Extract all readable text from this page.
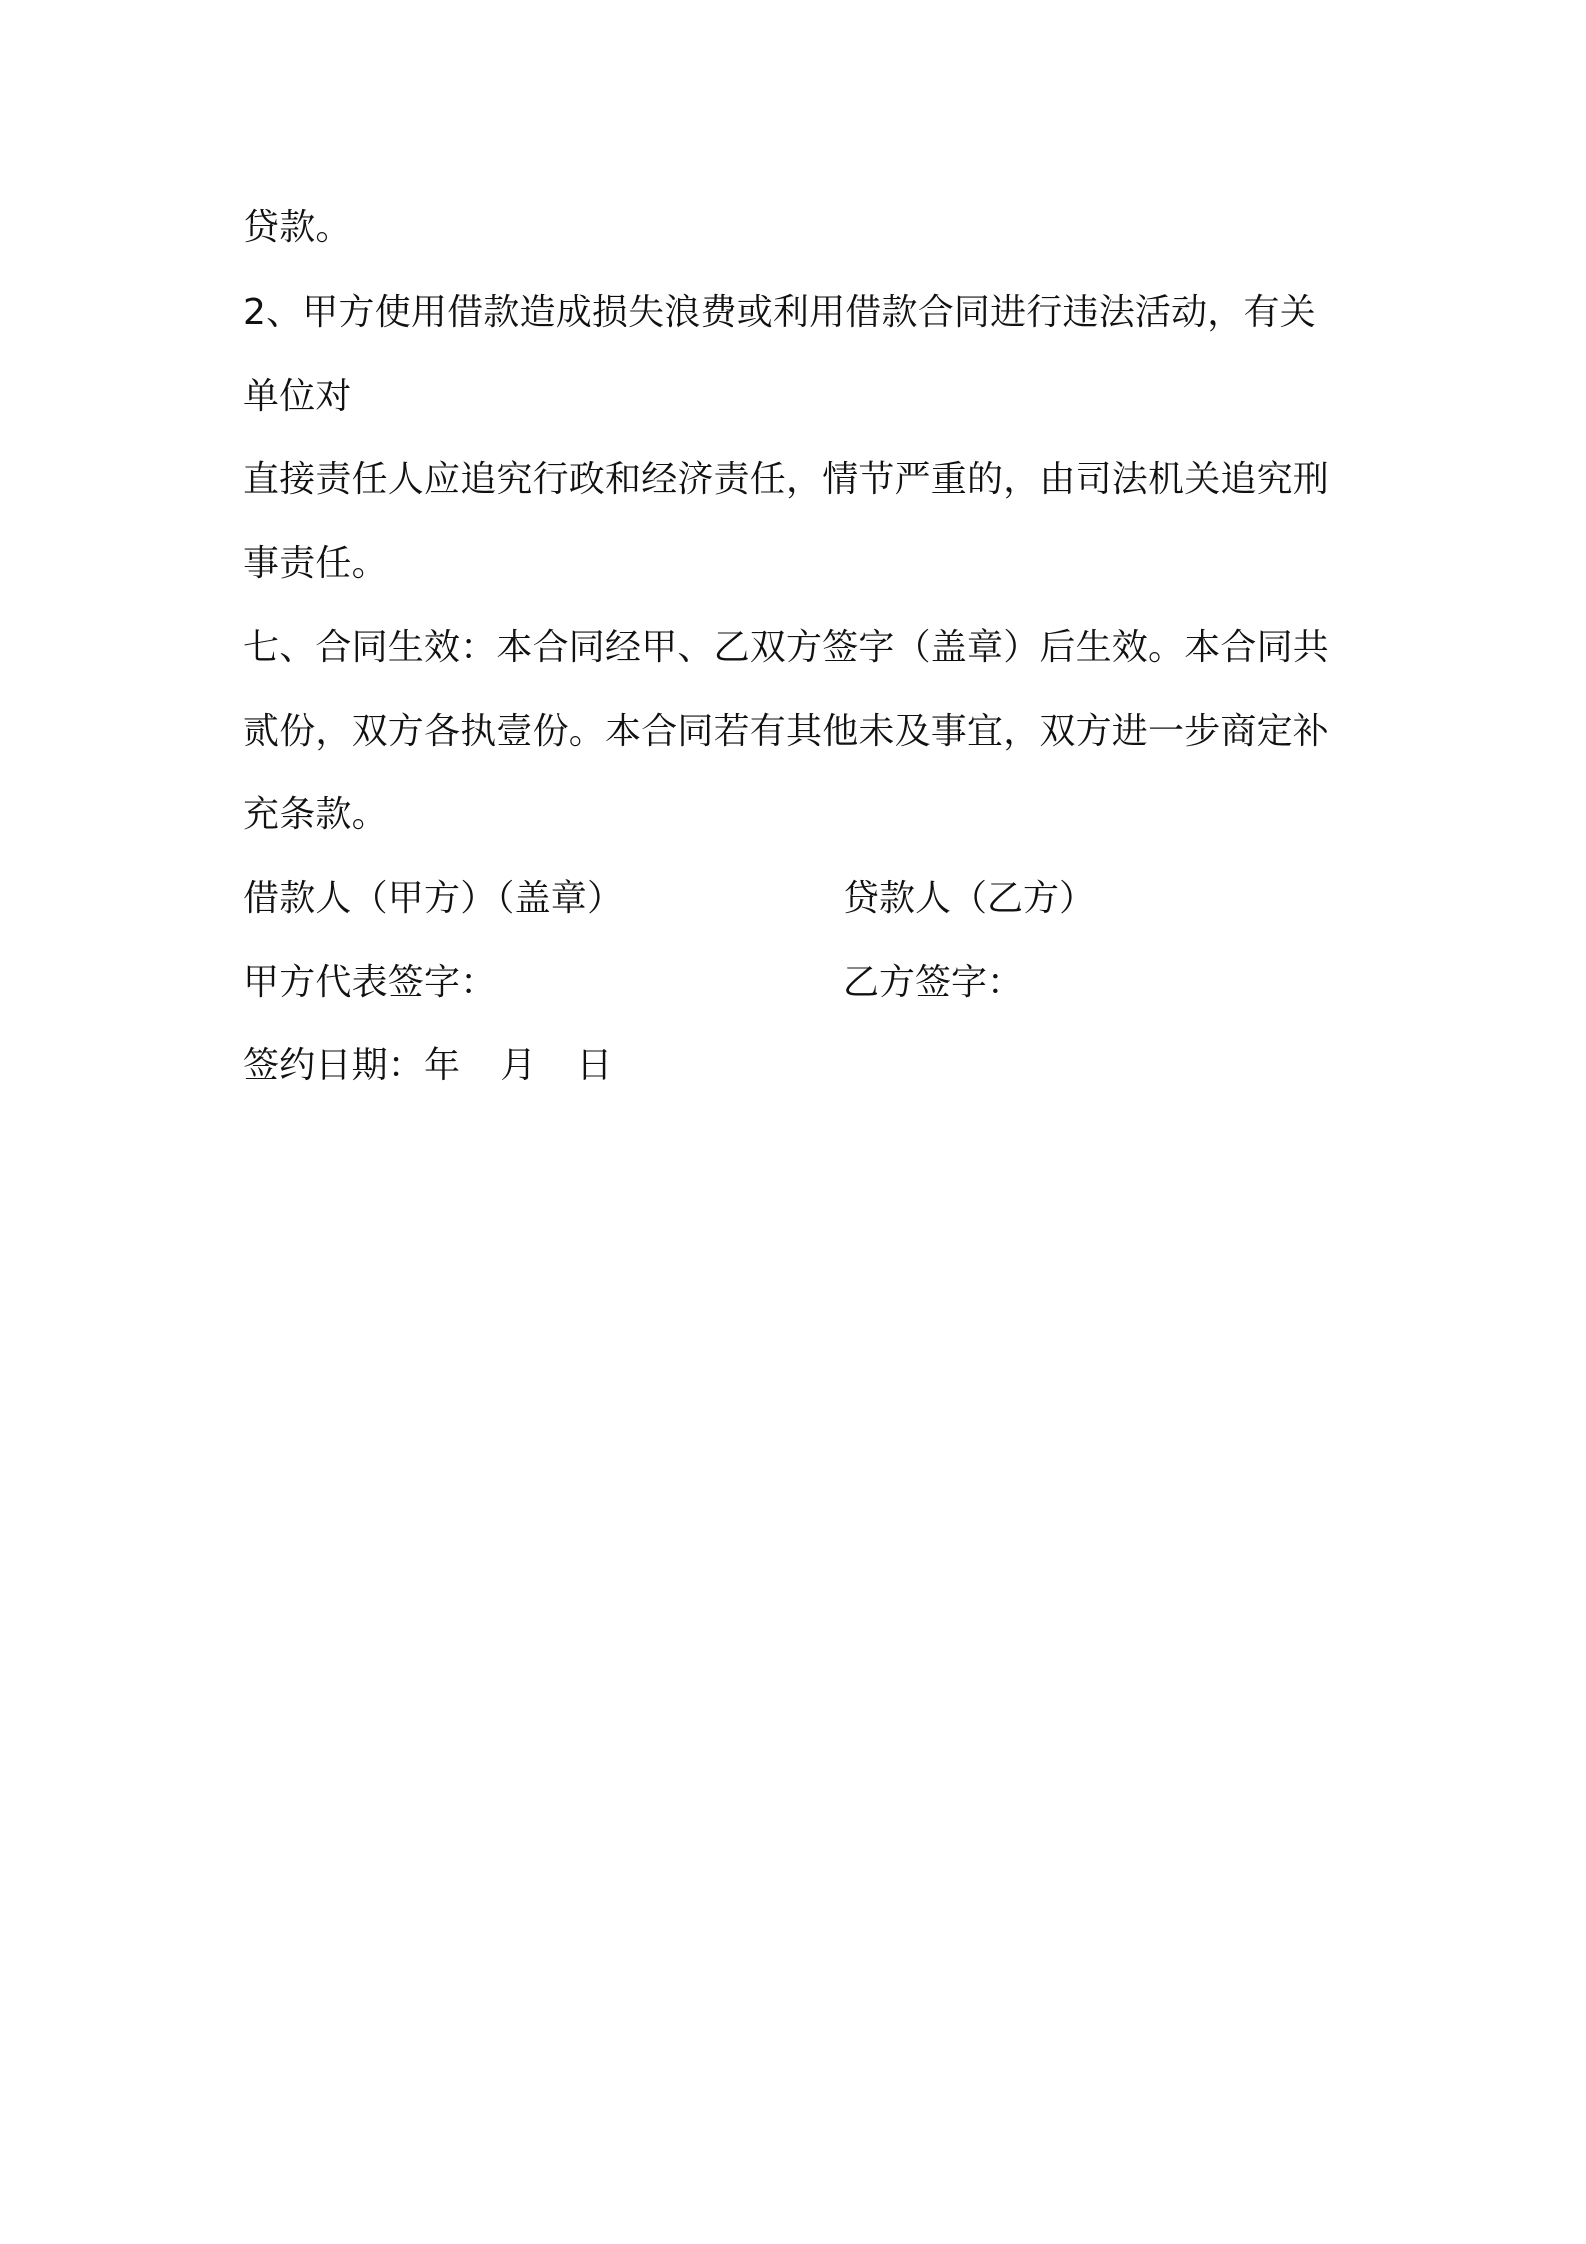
贷款。
2、甲方使用借款造成损失浪费或利用借款合同进行违法活动，有关
单位对
直接责任人应追究行政和经济责任，情节严重的，由司法机关追究刑
事责任。
七、合同生效：本合同经甲、乙双方签字（盖章）后生效。本合同共
贰份，双方各执壹份。本合同若有其他未及事宜，双方进一步商定补
充条款。
借款人（甲方）（盖章）	贷款人（乙方）
甲方代表签字：	乙方签字：
签约日期：年 月 日
